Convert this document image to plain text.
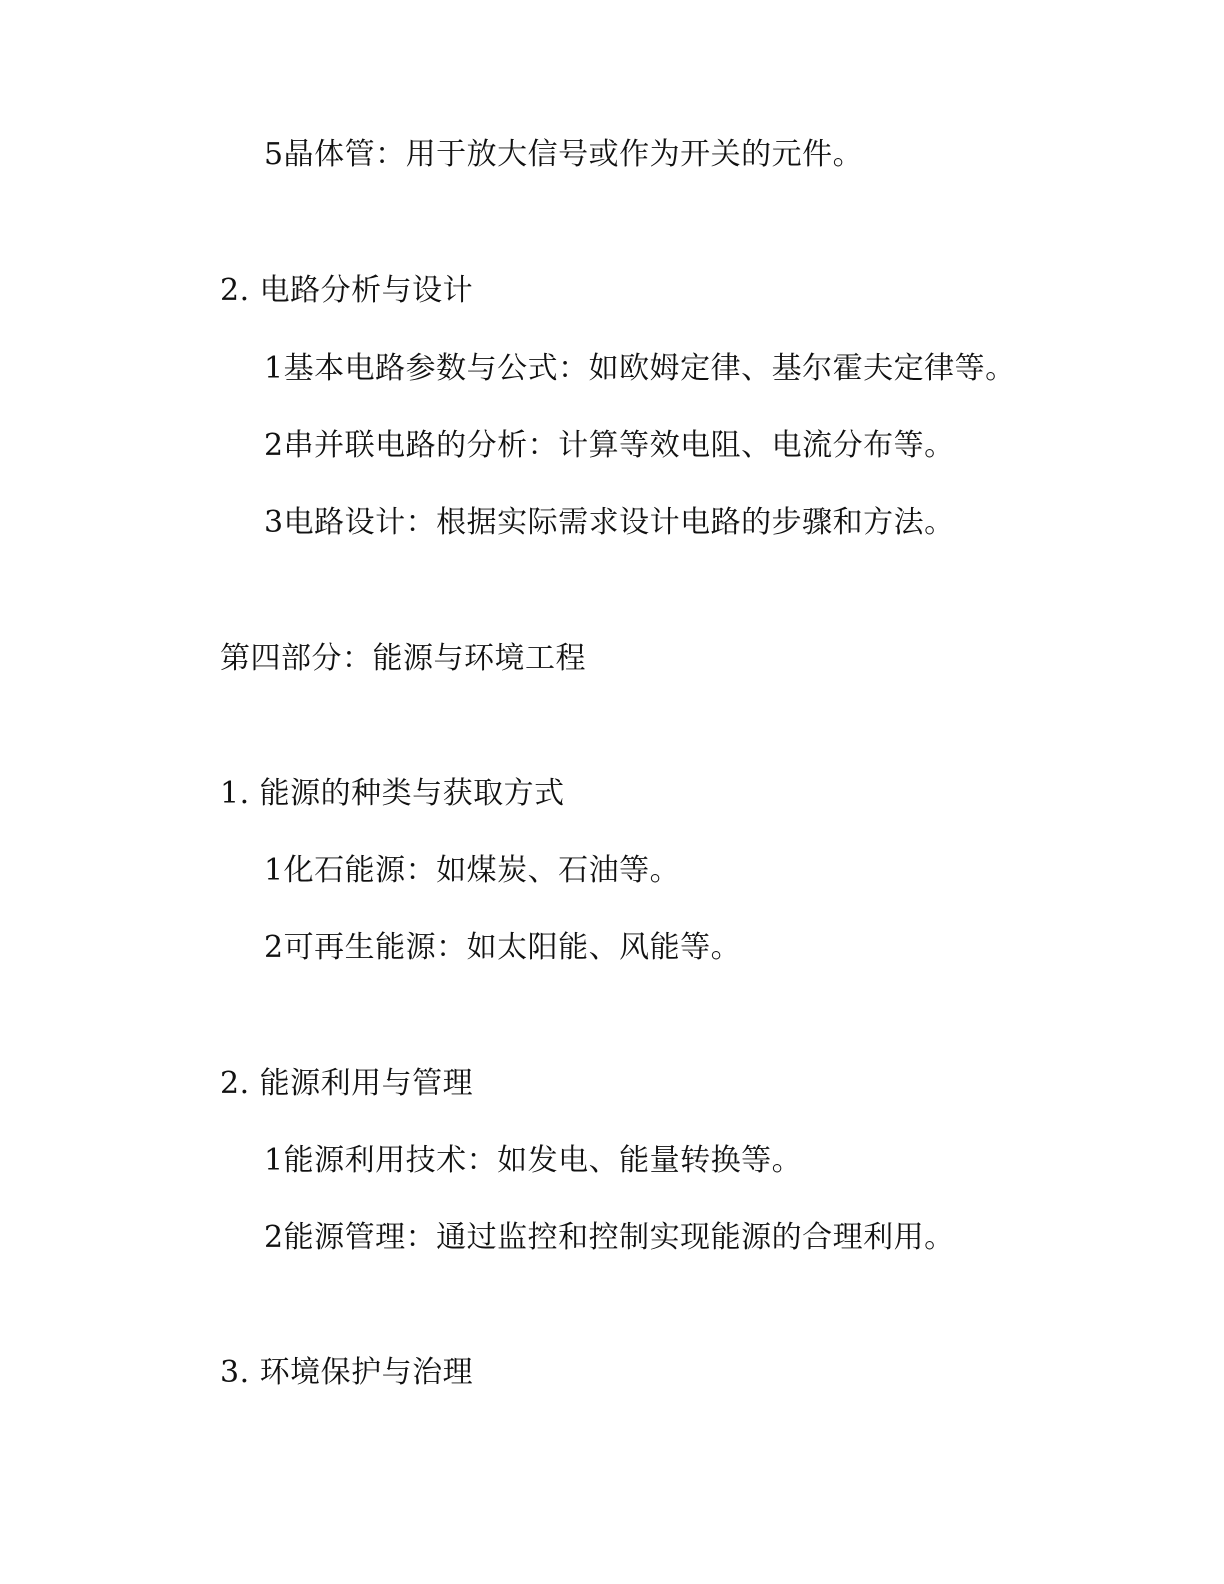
5晶体管：用于放大信号或作为开关的元件。
2. 电路分析与设计
1基本电路参数与公式：如欧姆定律、基尔霍夫定律等。
2串并联电路的分析：计算等效电阻、电流分布等。
3电路设计：根据实际需求设计电路的步骤和方法。
第四部分：能源与环境工程
1. 能源的种类与获取方式
1化石能源：如煤炭、石油等。
2可再生能源：如太阳能、风能等。
2. 能源利用与管理
1能源利用技术：如发电、能量转换等。
2能源管理：通过监控和控制实现能源的合理利用。
3. 环境保护与治理
